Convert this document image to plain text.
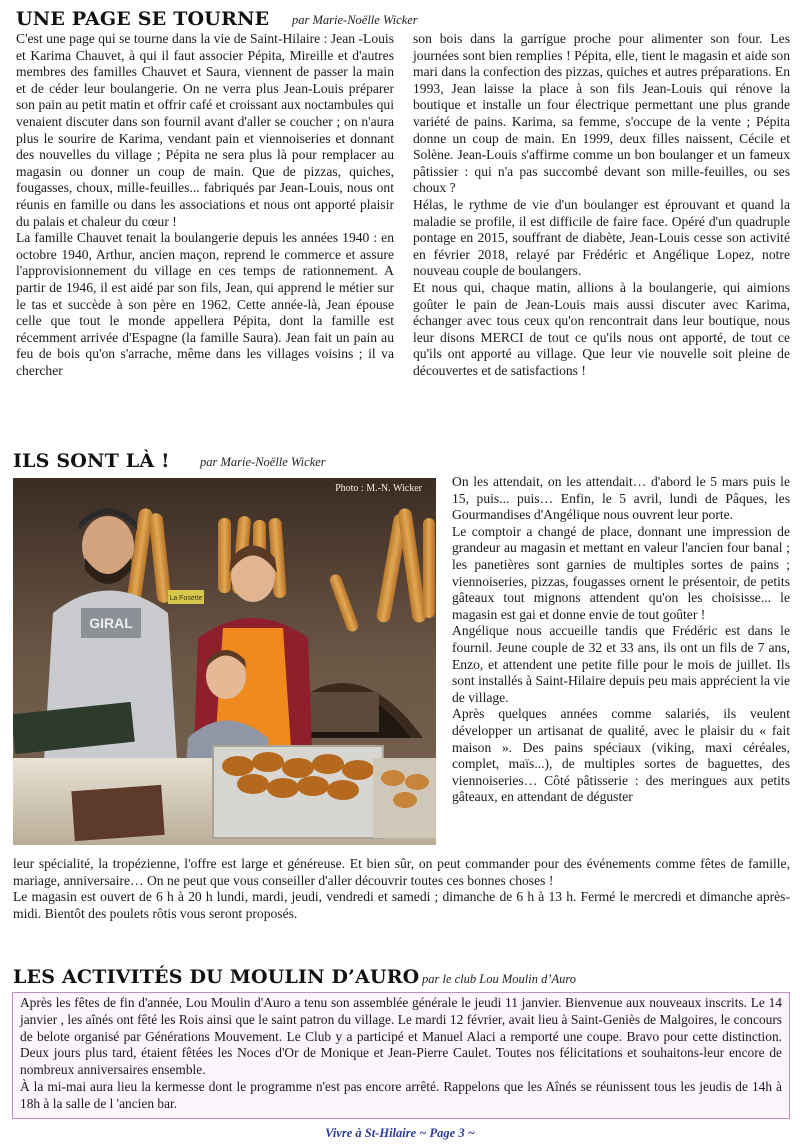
UNE PAGE SE TOURNE par Marie-Noëlle Wicker

C'est une page qui se tourne dans la vie de Saint-Hilaire : Jean -Louis et Karima Chauvet, à qui il faut associer Pépita, Mireille et d'autres membres des familles Chauvet et Saura, viennent de passer la main et de céder leur boulangerie. On ne verra plus Jean-Louis préparer son pain au petit matin et offrir café et croissant aux noctambules qui venaient discuter dans son fournil avant d'aller se coucher ; on n'aura plus le sourire de Karima, vendant pain et viennoiseries et donnant des nouvelles du village ; Pépita ne sera plus là pour remplacer au magasin ou donner un coup de main. Que de pizzas, quiches, fougasses, choux, mille-feuilles... fabriqués par Jean-Louis, nous ont réunis en famille ou dans les associations et nous ont apporté plaisir du palais et chaleur du cœur !

La famille Chauvet tenait la boulangerie depuis les années 1940 : en octobre 1940, Arthur, ancien maçon, reprend le commerce et assure l'approvisionnement du village en ces temps de rationnement. A partir de 1946, il est aidé par son fils, Jean, qui apprend le métier sur le tas et succède à son père en 1962. Cette année-là, Jean épouse celle que tout le monde appellera Pépita, dont la famille est récemment arrivée d'Espagne (la famille Saura). Jean fait un pain au feu de bois qu'on s'arrache, même dans les villages voisins ; il va chercher

son bois dans la garrigue proche pour alimenter son four. Les journées sont bien remplies ! Pépita, elle, tient le magasin et aide son mari dans la confection des pizzas, quiches et autres préparations. En 1993, Jean laisse la place à son fils Jean-Louis qui rénove la boutique et installe un four électrique permettant une plus grande variété de pains. Karima, sa femme, s'occupe de la vente ; Pépita donne un coup de main. En 1999, deux filles naissent, Cécile et Solène. Jean-Louis s'affirme comme un bon boulanger et un fameux pâtissier : qui n'a pas succombé devant son mille-feuilles, ou ses choux ?

Hélas, le rythme de vie d'un boulanger est éprouvant et quand la maladie se profile, il est difficile de faire face. Opéré d'un quadruple pontage en 2015, souffrant de diabète, Jean-Louis cesse son activité en février 2018, relayé par Frédéric et Angélique Lopez, notre nouveau couple de boulangers.

Et nous qui, chaque matin, allions à la boulangerie, qui aimions goûter le pain de Jean-Louis mais aussi discuter avec Karima, échanger avec tous ceux qu'on rencontrait dans leur boutique, nous leur disons MERCI de tout ce qu'ils nous ont apporté, de tout ce qu'ils ont apporté au village. Que leur vie nouvelle soit pleine de découvertes et de satisfactions !

ILS SONT LÀ ! par Marie-Noëlle Wicker
GIRAL
La Fosette
Photo : M.-N. Wicker On les attendait, on les attendait… d'abord le 5 mars puis le 15, puis... puis… Enfin, le 5 avril, lundi de Pâques, les Gourmandises d'Angélique nous ouvrent leur porte.

Le comptoir a changé de place, donnant une impression de grandeur au magasin et mettant en valeur l'ancien four banal ; les panetières sont garnies de multiples sortes de pains ; viennoiseries, pizzas, fougasses ornent le présentoir, de petits gâteaux tout mignons attendent qu'on les choisisse... le magasin est gai et donne envie de tout goûter !

Angélique nous accueille tandis que Frédéric est dans le fournil. Jeune couple de 32 et 33 ans, ils ont un fils de 7 ans, Enzo, et attendent une petite fille pour le mois de juillet. Ils sont installés à Saint-Hilaire depuis peu mais apprécient la vie de village.

Après quelques années comme salariés, ils veulent développer un artisanat de qualité, avec le plaisir du « fait maison ». Des pains spéciaux (viking, maxi céréales, complet, maïs...), de multiples sortes de baguettes, des viennoiseries… Côté pâtisserie : des meringues aux petits gâteaux, en attendant de déguster

leur spécialité, la tropézienne, l'offre est large et généreuse. Et bien sûr, on peut commander pour des événements comme fêtes de famille, mariage, anniversaire… On ne peut que vous conseiller d'aller découvrir toutes ces bonnes choses !

Le magasin est ouvert de 6 h à 20 h lundi, mardi, jeudi, vendredi et samedi ; dimanche de 6 h à 13 h. Fermé le mercredi et dimanche après-midi. Bientôt des poulets rôtis vous seront proposés.

LES ACTIVITÉS DU MOULIN D’AURO par le club Lou Moulin d’Auro

Après les fêtes de fin d'année, Lou Moulin d'Auro a tenu son assemblée générale le jeudi 11 janvier. Bienvenue aux nouveaux inscrits. Le 14 janvier , les aînés ont fêté les Rois ainsi que le saint patron du village. Le mardi 12 février, avait lieu à Saint-Geniès de Malgoires, le concours de belote organisé par Générations Mouvement. Le Club y a participé et Manuel Alaci a remporté une coupe. Bravo pour cette distinction. Deux jours plus tard, étaient fêtées les Noces d'Or de Monique et Jean-Pierre Caulet. Toutes nos félicitations et souhaitons-leur encore de nombreux anniversaires ensemble.

À la mi-mai aura lieu la kermesse dont le programme n'est pas encore arrêté. Rappelons que les Aînés se réunissent tous les jeudis de 14h à 18h à la salle de l 'ancien bar.

Vivre à St-Hilaire ~ Page 3 ~
